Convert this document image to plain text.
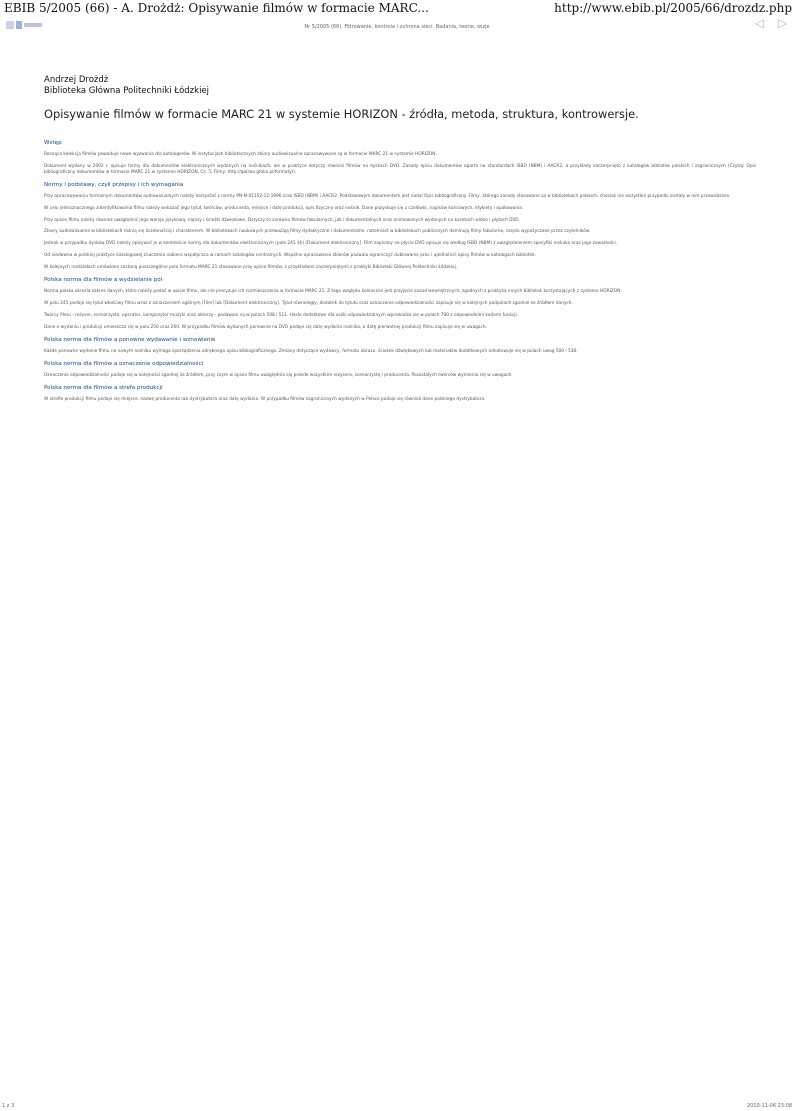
EBIB 5/2005 (66) - A. Drożdż: Opisywanie filmów w formacie MARC...	http://www.ebib.pl/2005/66/drozdz.php
Nr 5/2005 (66), Filtrowanie, kontrola i ochrona sieci. Badania, teorie, wizje	◁ ▷
Andrzej Drożdż
Biblioteka Główna Politechniki Łódzkiej
Opisywanie filmów w formacie MARC 21 w systemie HORIZON - źródła, metoda, struktura, kontrowersje.
Wstęp
Rosnąca kolekcja filmów powoduje nowe wyzwania dla katalogerów. W instytucjach bibliotecznych zbiory audiowizualne opracowywane są w formacie MARC 21 w systemie HORIZON.
Dokument wydany w 2002 r. opisuje formy dla dokumentów elektronicznych wydanych na nośnikach, ale w praktyce dotyczy również filmów na dyskach DVD. Zasady opisu dokumentów oparto na standardach ISBD (NBM) i AACR2, a przykłady zaczerpnięto z katalogów bibliotek polskich i zagranicznych (Czytaj: Opis bibliograficzny dokumentów w formacie MARC 21 w systemie HORIZON, Cz. 5, Filmy: http://galileo.gfolio.pl/formaty/).
Normy i podstawy, czyli przepisy i ich wymagania
Przy opracowywaniu formalnym dokumentów audiowizualnych należy korzystać z normy PN-N-01152-12:1996 oraz ISBD (NBM) i AACR2. Podstawowym dokumentem jest nadal Opis bibliograficzny. Filmy, którego zasady stosowane są w bibliotekach polskich, chociaż nie wszystkie przypadki zostały w nim przewidziane.
W celu jednoznacznego zidentyfikowania filmu należy wskazać jego tytuł, twórców, producenta, miejsce i datę produkcji, opis fizyczny oraz nośnik. Dane pozyskuje się z czołówki, napisów końcowych, etykiety i opakowania.
Przy opisie filmu należy również uwzględnić jego wersję językową, napisy i ścieżki dźwiękowe. Dotyczy to zarówno filmów fabularnych, jak i dokumentalnych oraz animowanych wydanych na kasetach wideo i płytach DVD.
Zbiory audiowizualne w bibliotekach różnią się liczebnością i charakterem. W bibliotekach naukowych przeważają filmy dydaktyczne i dokumentalne, natomiast w bibliotekach publicznych dominują filmy fabularne, często wypożyczane przez czytelników.
Jednak w przypadku dysków DVD należy opisywać je w kontekście normy dla dokumentów elektronicznych (pole 245 $h) [Dokument elektroniczny]. Film zapisany na płycie DVD opisuje się według ISBD (NBM) z uwzględnieniem specyfiki nośnika oraz jego zawartości.
Od niedawna w polskiej praktyce katalogowej znaczenia nabiera współpraca w ramach katalogów centralnych. Wspólne opracowanie zbiorów pozwala ograniczyć dublowanie prac i ujednolicić opisy filmów w katalogach bibliotek.
W kolejnych rozdziałach omówione zostaną poszczególne pola formatu MARC 21 stosowane przy opisie filmów, z przykładami zaczerpniętymi z praktyki Biblioteki Głównej Politechniki Łódzkiej.
Polska norma dla filmów a wydzielanie pól
Norma polska określa zakres danych, które należy podać w opisie filmu, ale nie precyzuje ich rozmieszczenia w formacie MARC 21. Z tego względu konieczne jest przyjęcie zasad wewnętrznych, zgodnych z praktyką innych bibliotek korzystających z systemu HORIZON.
W polu 245 podaje się tytuł właściwy filmu wraz z oznaczeniem ogólnym [Film] lub [Dokument elektroniczny]. Tytuł równoległy, dodatek do tytułu oraz oznaczenie odpowiedzialności zapisuje się w kolejnych podpolach zgodnie ze źródłem danych.
Twórcy filmu - reżyser, scenarzysta, operator, kompozytor muzyki oraz aktorzy - podawani są w polach 508 i 511. Hasła dodatkowe dla osób odpowiedzialnych wprowadza się w polach 700 z odpowiednimi kodami funkcji.
Dane o wydaniu i produkcji umieszcza się w polu 250 oraz 260. W przypadku filmów wydanych ponownie na DVD podaje się datę wydania nośnika, a datę pierwotnej produkcji filmu zapisuje się w uwagach.
Polska norma dla filmów a ponowne wydawanie i wznowienie
Każde ponowne wydanie filmu na nowym nośniku wymaga sporządzenia odrębnego opisu bibliograficznego. Zmiany dotyczące wydawcy, formatu obrazu, ścieżek dźwiękowych lub materiałów dodatkowych odnotowuje się w polach uwag 500 i 538.
Polska norma dla filmów a oznaczenie odpowiedzialności
Oznaczenie odpowiedzialności podaje się w kolejności zgodnej ze źródłem, przy czym w opisie filmu uwzględnia się przede wszystkim reżysera, scenarzystę i producenta. Pozostałych twórców wymienia się w uwagach.
Polska norma dla filmów a strefa produkcji
W strefie produkcji filmu podaje się miejsce, nazwę producenta lub dystrybutora oraz datę wydania. W przypadku filmów zagranicznych wydanych w Polsce podaje się również dane polskiego dystrybutora.
1 z 3	2010-11-06 23:08
